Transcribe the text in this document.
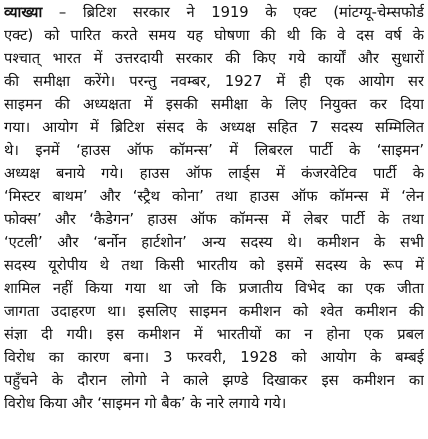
व्याख्या – ब्रिटिश सरकार ने 1919 के एक्ट (मांटग्यू-चेम्सफोर्ड
एक्ट) को पारित करते समय यह घोषणा की थी कि वे दस वर्ष के
पश्चात् भारत में उत्तरदायी सरकार की किए गये कार्यों और सुधारों
की समीक्षा करेंगे। परन्तु नवम्बर, 1927 में ही एक आयोग सर
साइमन की अध्यक्षता में इसकी समीक्षा के लिए नियुक्त कर दिया
गया। आयोग में ब्रिटिश संसद के अध्यक्ष सहित 7 सदस्य सम्मिलित
थे। इनमें ‘हाउस ऑफ कॉमन्स’ में लिबरल पार्टी के ‘साइमन’
अध्यक्ष बनाये गये। हाउस ऑफ लार्ड्स में कंजरवेटिव पार्टी के
‘मिस्टर बाथम’ और ‘स्ट्रैथ कोना’ तथा हाउस ऑफ कॉमन्स में ‘लेन
फोक्स’ और ‘कैडेगन’ हाउस ऑफ कॉमन्स में लेबर पार्टी के तथा
‘एटली’ और ‘बर्नोन हार्टशोन’ अन्य सदस्य थे। कमीशन के सभी
सदस्य यूरोपीय थे तथा किसी भारतीय को इसमें सदस्य के रूप में
शामिल नहीं किया गया था जो कि प्रजातीय विभेद का एक जीता
जागता उदाहरण था। इसलिए साइमन कमीशन को श्वेत कमीशन की
संज्ञा दी गयी। इस कमीशन में भारतीयों का न होना एक प्रबल
विरोध का कारण बना। 3 फरवरी, 1928 को आयोग के बम्बई
पहुँचने के दौरान लोगो ने काले झण्डे दिखाकर इस कमीशन का
विरोध किया और ‘साइमन गो बैक’ के नारे लगाये गये।
